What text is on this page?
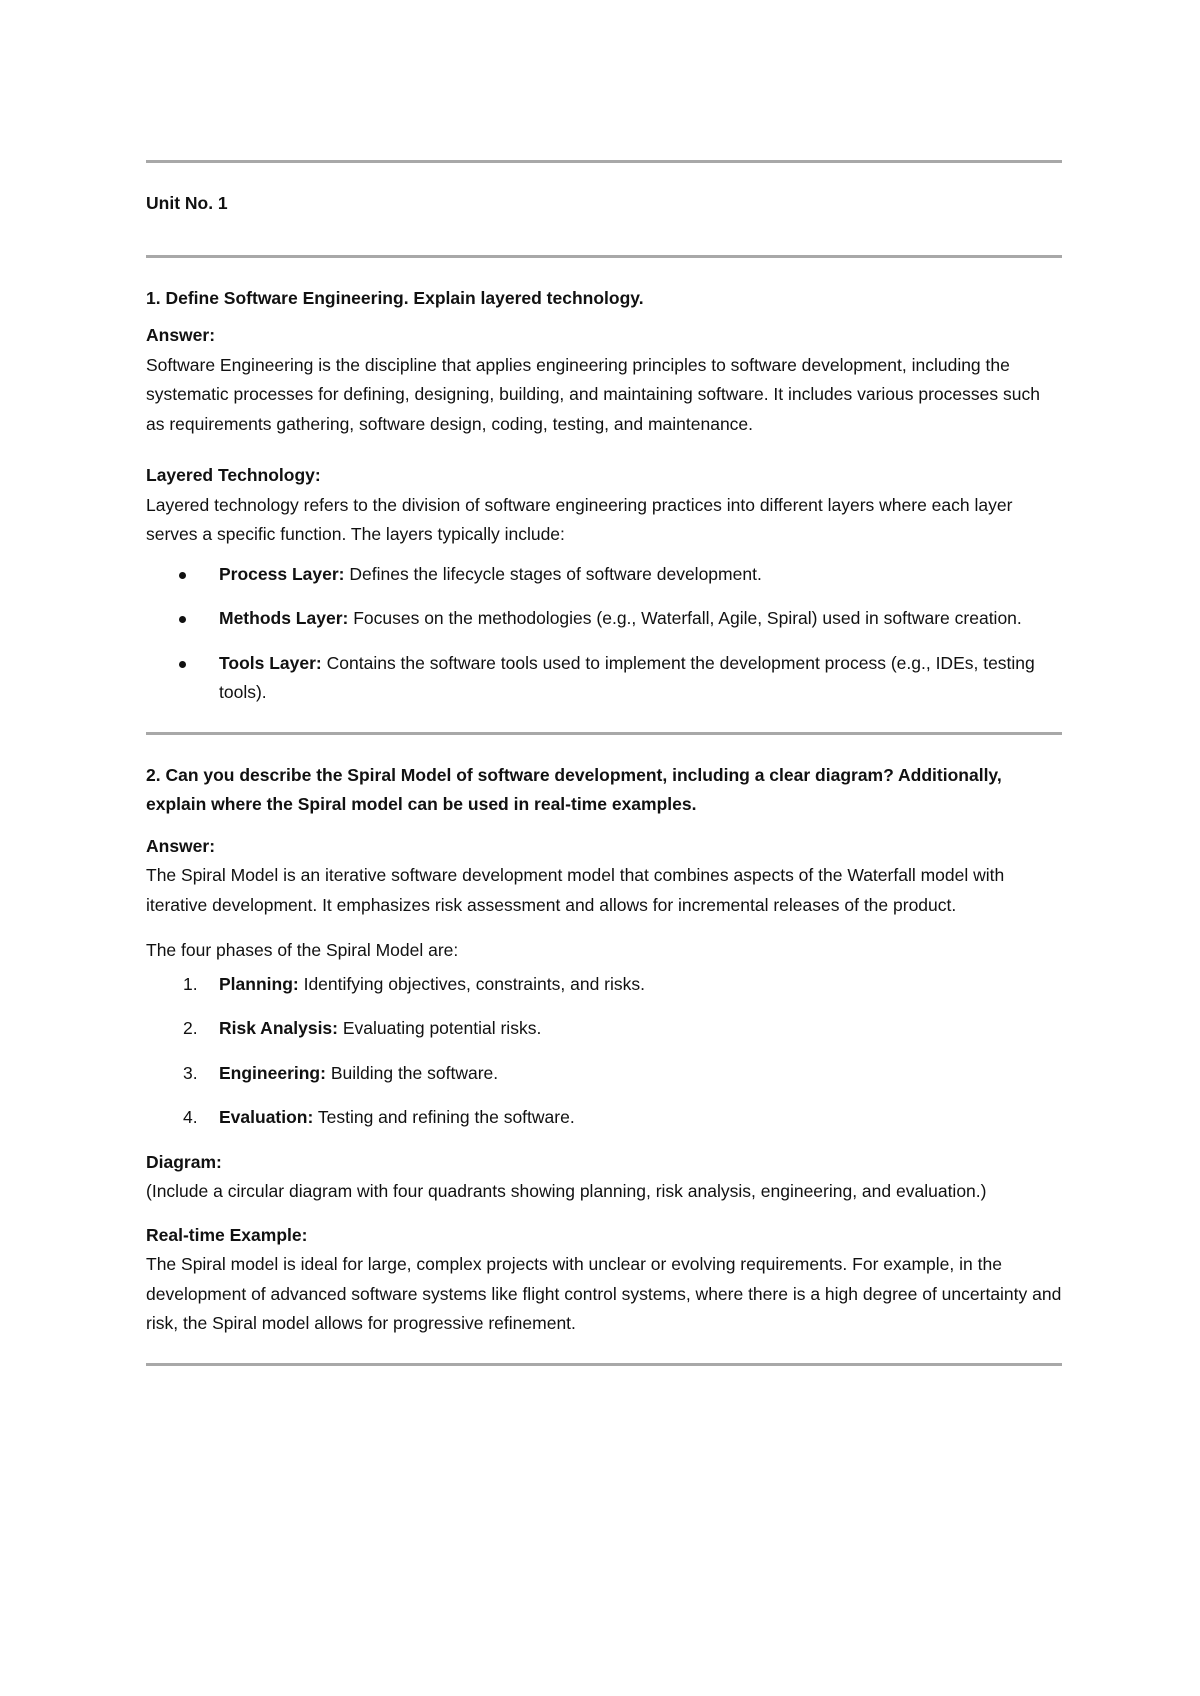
Unit No. 1
1. Define Software Engineering. Explain layered technology.
Answer:

Software Engineering is the discipline that applies engineering principles to software development, including the systematic processes for defining, designing, building, and maintaining software. It includes various processes such as requirements gathering, software design, coding, testing, and maintenance.

Layered Technology:

Layered technology refers to the division of software engineering practices into different layers where each layer serves a specific function. The layers typically include:

Process Layer: Defines the lifecycle stages of software development.
Methods Layer: Focuses on the methodologies (e.g., Waterfall, Agile, Spiral) used in software creation.
Tools Layer: Contains the software tools used to implement the development process (e.g., IDEs, testing tools).
2. Can you describe the Spiral Model of software development, including a clear diagram? Additionally, explain where the Spiral model can be used in real-time examples.
Answer:

The Spiral Model is an iterative software development model that combines aspects of the Waterfall model with iterative development. It emphasizes risk assessment and allows for incremental releases of the product.

The four phases of the Spiral Model are:

1. Planning: Identifying objectives, constraints, and risks.
2. Risk Analysis: Evaluating potential risks.
3. Engineering: Building the software.
4. Evaluation: Testing and refining the software.
Diagram:

(Include a circular diagram with four quadrants showing planning, risk analysis, engineering, and evaluation.)

Real-time Example:

The Spiral model is ideal for large, complex projects with unclear or evolving requirements. For example, in the development of advanced software systems like flight control systems, where there is a high degree of uncertainty and risk, the Spiral model allows for progressive refinement.
